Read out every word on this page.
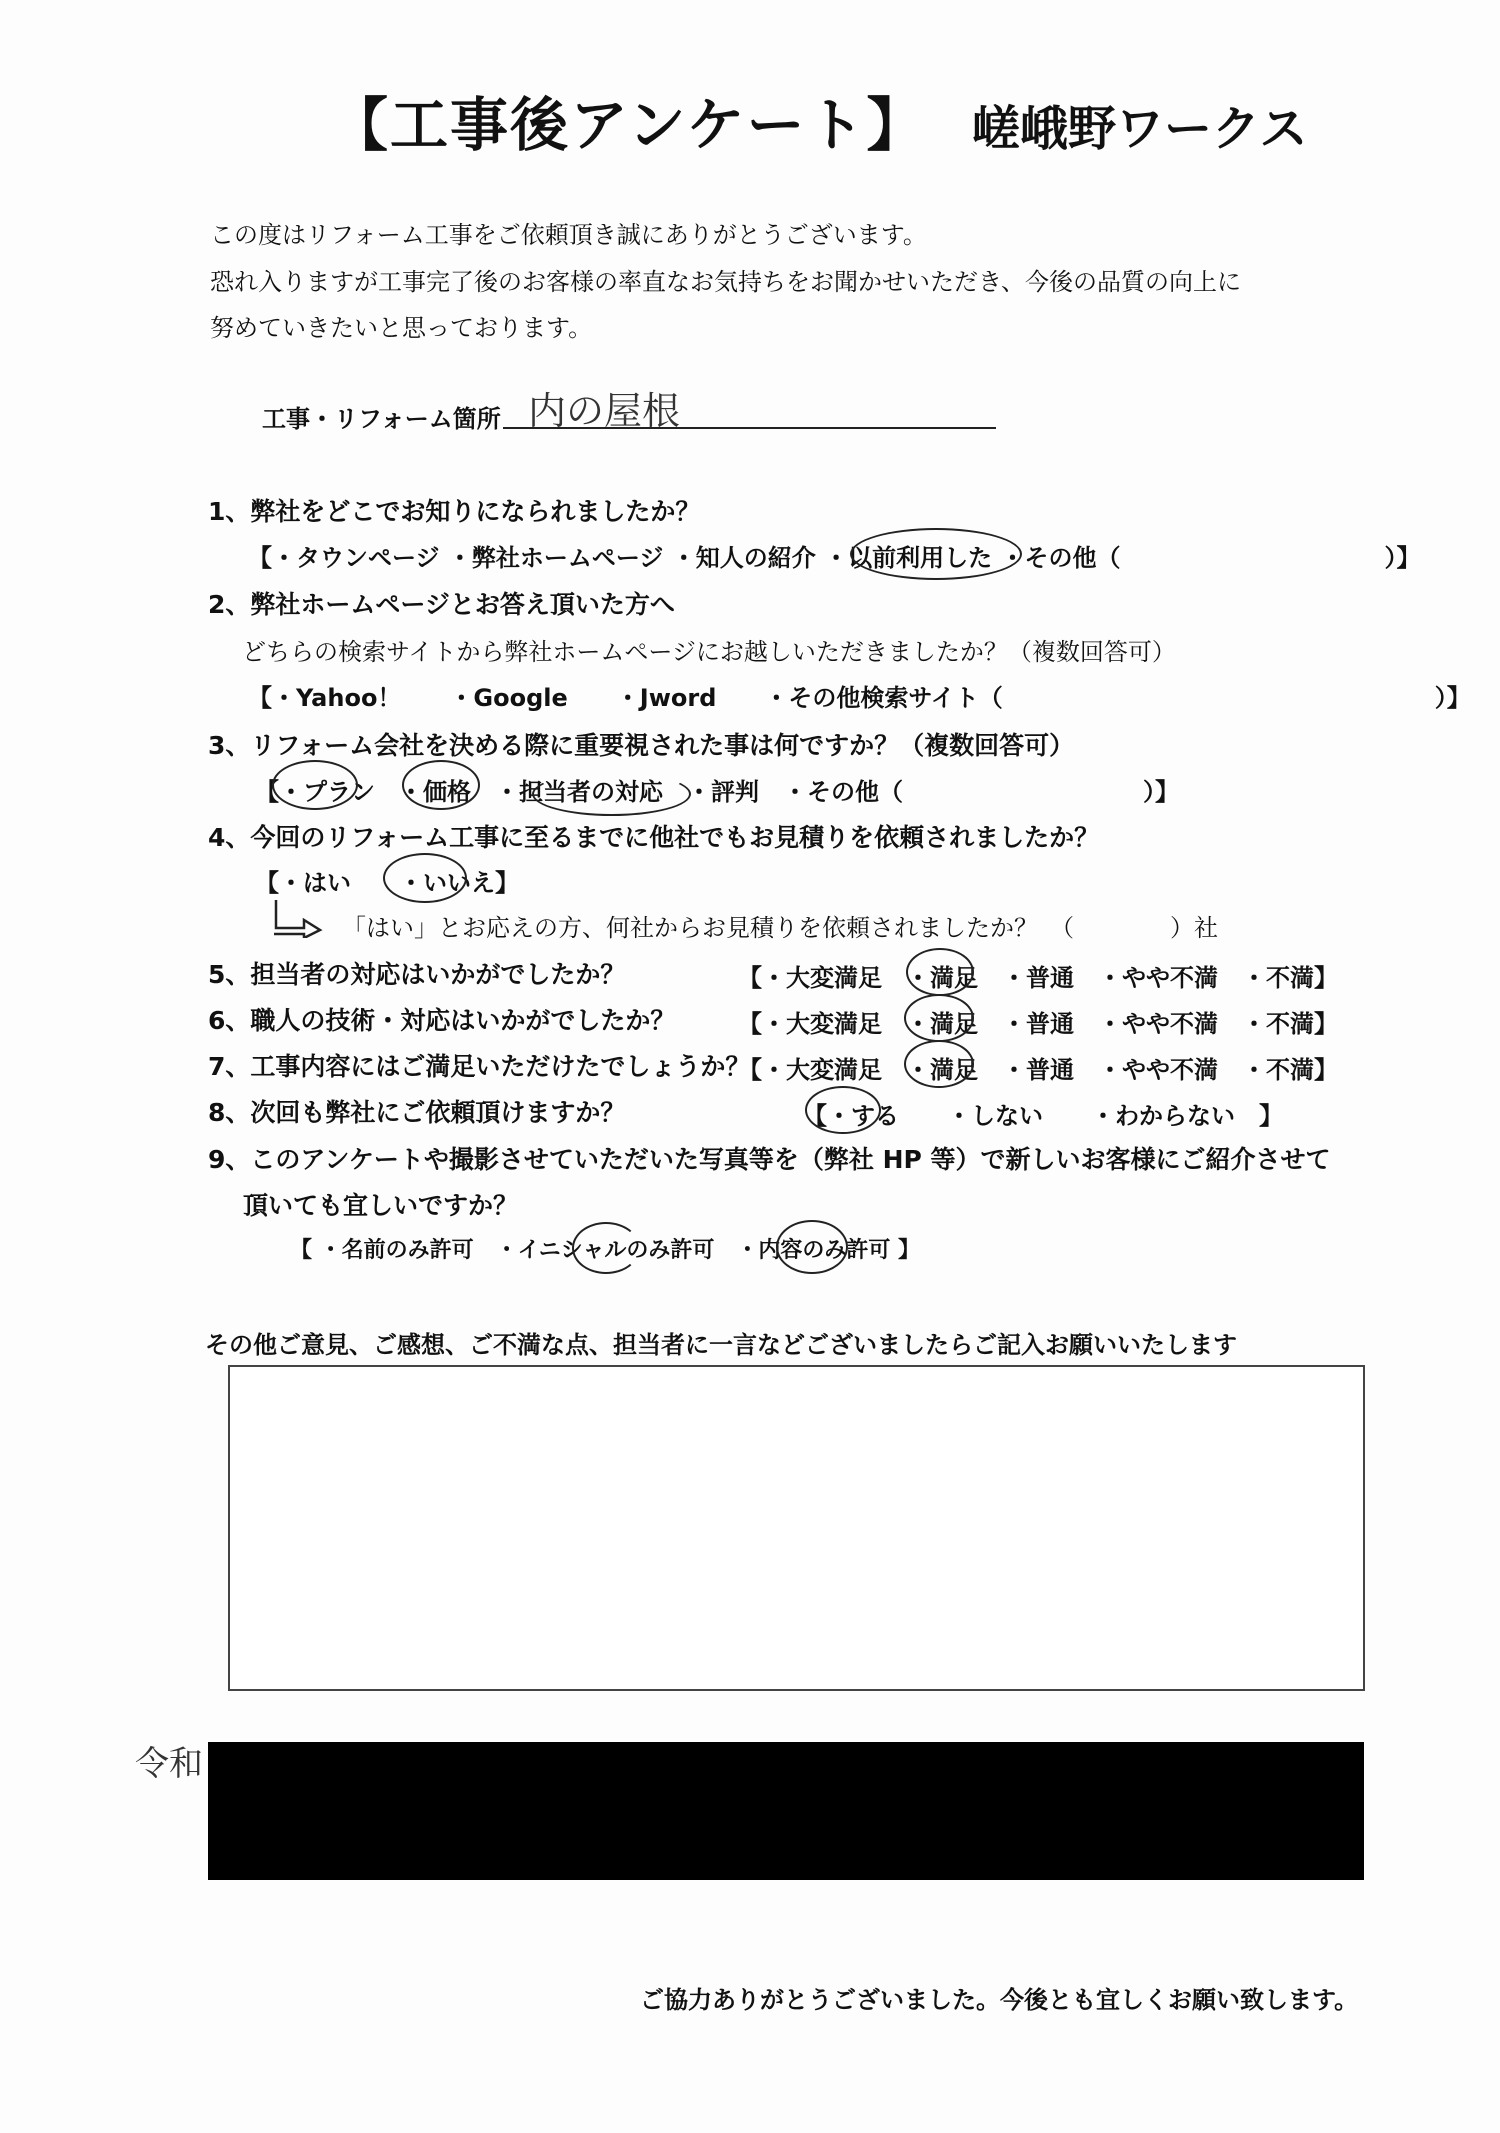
【工事後アンケート】 嵯峨野ワークス
この度はリフォーム工事をご依頼頂き誠にありがとうございます。
恐れ入りますが工事完了後のお客様の率直なお気持ちをお聞かせいただき、今後の品質の向上に
努めていきたいと思っております。
工事・リフォーム箇所 内の屋根
1、弊社をどこでお知りになられましたか？
【・タウンページ ・弊社ホームページ ・知人の紹介 ・以前利用した ・その他（　　　　　　　　　　　）】
2、弊社ホームページとお答え頂いた方へ
どちらの検索サイトから弊社ホームページにお越しいただきましたか？（複数回答可）
【・Yahoo！　　・Google　　・Jword　　・その他検索サイト（　　　　　　　　　　　　　　　　　　）】
3、リフォーム会社を決める際に重要視された事は何ですか？（複数回答可）
【・プラン　・価格　・担当者の対応　・評判　・その他（　　　　　　　　　　）】
4、今回のリフォーム工事に至るまでに他社でもお見積りを依頼されましたか？
【・はい　　・いいえ】
「はい」とお応えの方、何社からお見積りを依頼されましたか？　（　　　　）社
5、担当者の対応はいかがでしたか？	【・大変満足　・満足　・普通　・やや不満　・不満】
6、職人の技術・対応はいかがでしたか？	【・大変満足　・満足　・普通　・やや不満　・不満】
7、工事内容にはご満足いただけたでしょうか？
【・大変満足　・満足　・普通　・やや不満　・不満】
8、次回も弊社にご依頼頂けますか？	【・する　　・しない　　・わからない　】
9、このアンケートや撮影させていただいた写真等を（弊社 HP 等）で新しいお客様にご紹介させて
頂いても宜しいですか？
【 ・名前のみ許可　・イニシャルのみ許可　・内容のみ許可 】
その他ご意見、ご感想、ご不満な点、担当者に一言などございましたらご記入お願いいたします
令和
ご協力ありがとうございました。今後とも宜しくお願い致します。
